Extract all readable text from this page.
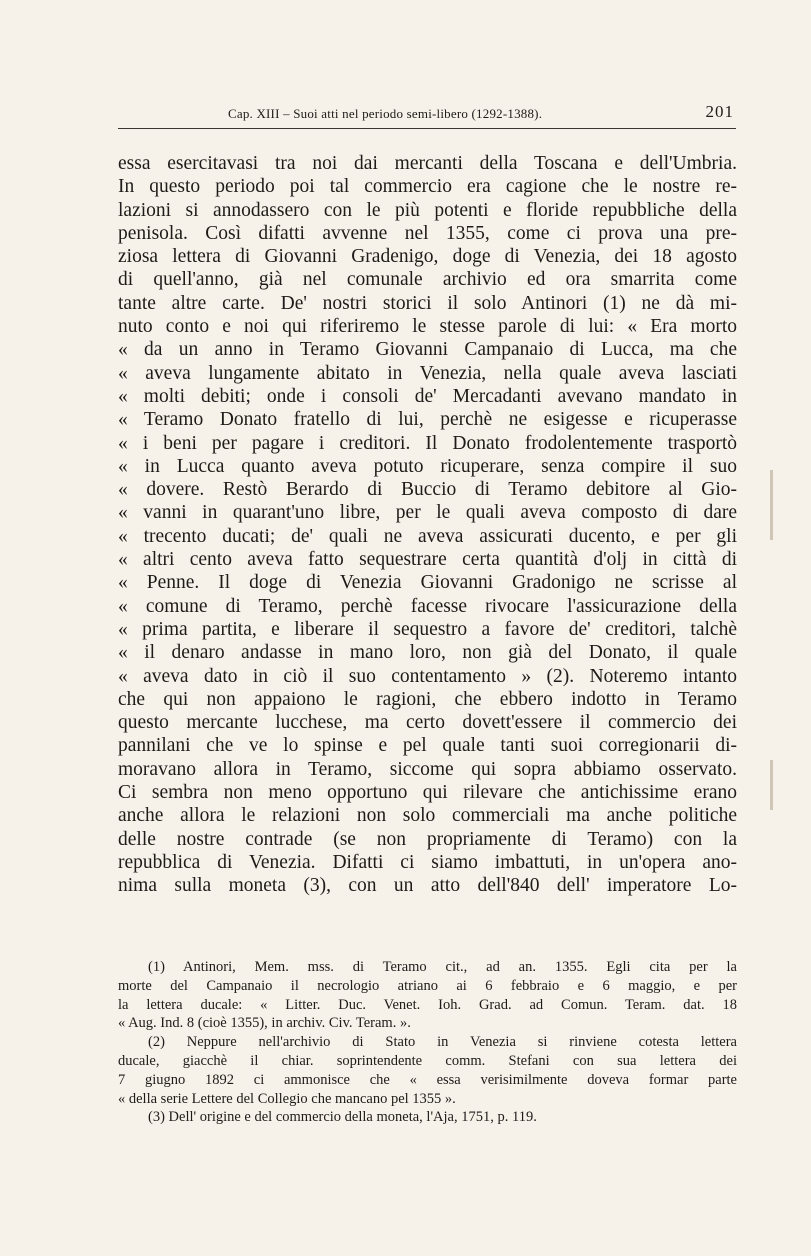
Cap. XIII – Suoi atti nel periodo semi-libero (1292-1388).	201
essa esercitavasi tra noi dai mercanti della Toscana e dell'Umbria.
In questo periodo poi tal commercio era cagione che le nostre re-
lazioni si annodassero con le più potenti e floride repubbliche della
penisola. Così difatti avvenne nel 1355, come ci prova una pre-
ziosa lettera di Giovanni Gradenigo, doge di Venezia, dei 18 agosto
di quell'anno, già nel comunale archivio ed ora smarrita come
tante altre carte. De' nostri storici il solo Antinori (1) ne dà mi-
nuto conto e noi qui riferiremo le stesse parole di lui: « Era morto
« da un anno in Teramo Giovanni Campanaio di Lucca, ma che
« aveva lungamente abitato in Venezia, nella quale aveva lasciati
« molti debiti; onde i consoli de' Mercadanti avevano mandato in
« Teramo Donato fratello di lui, perchè ne esigesse e ricuperasse
« i beni per pagare i creditori. Il Donato frodolentemente trasportò
« in Lucca quanto aveva potuto ricuperare, senza compire il suo
« dovere. Restò Berardo di Buccio di Teramo debitore al Gio-
« vanni in quarant'uno libre, per le quali aveva composto di dare
« trecento ducati; de' quali ne aveva assicurati ducento, e per gli
« altri cento aveva fatto sequestrare certa quantità d'olj in città di
« Penne. Il doge di Venezia Giovanni Gradonigo ne scrisse al
« comune di Teramo, perchè facesse rivocare l'assicurazione della
« prima partita, e liberare il sequestro a favore de' creditori, talchè
« il denaro andasse in mano loro, non già del Donato, il quale
« aveva dato in ciò il suo contentamento » (2). Noteremo intanto
che qui non appaiono le ragioni, che ebbero indotto in Teramo
questo mercante lucchese, ma certo dovett'essere il commercio dei
pannilani che ve lo spinse e pel quale tanti suoi corregionarii di-
moravano allora in Teramo, siccome qui sopra abbiamo osservato.
Ci sembra non meno opportuno qui rilevare che antichissime erano
anche allora le relazioni non solo commerciali ma anche politiche
delle nostre contrade (se non propriamente di Teramo) con la
repubblica di Venezia. Difatti ci siamo imbattuti, in un'opera ano-
nima sulla moneta (3), con un atto dell'840 dell' imperatore Lo-
(1) Antinori, Mem. mss. di Teramo cit., ad an. 1355. Egli cita per la
morte del Campanaio il necrologio atriano ai 6 febbraio e 6 maggio, e per
la lettera ducale: « Litter. Duc. Venet. Ioh. Grad. ad Comun. Teram. dat. 18
« Aug. Ind. 8 (cioè 1355), in archiv. Civ. Teram. ».
(2) Neppure nell'archivio di Stato in Venezia si rinviene cotesta lettera
ducale, giacchè il chiar. soprintendente comm. Stefani con sua lettera dei
7 giugno 1892 ci ammonisce che « essa verisimilmente doveva formar parte
« della serie Lettere del Collegio che mancano pel 1355 ».
(3) Dell' origine e del commercio della moneta, l'Aja, 1751, p. 119.
